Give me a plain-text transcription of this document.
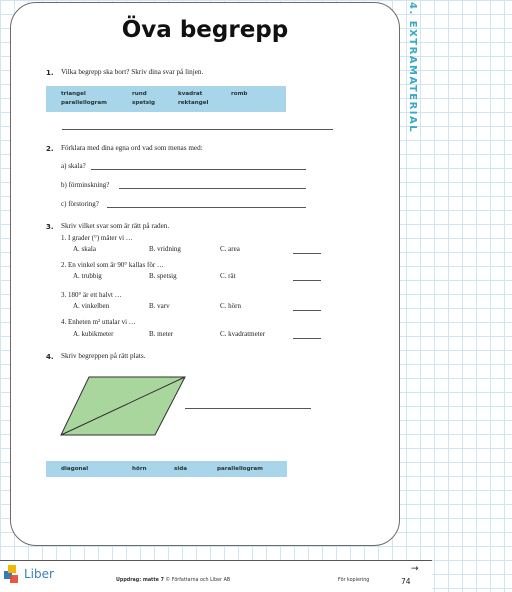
Öva begrepp
1. Vilka begrepp ska bort? Skriv dina svar på linjen.
triangel	rund	kvadrat	romb
parallellogram	spetsig	rektangel
2. Förklara med dina egna ord vad som menas med:
a) skala?
b) förminskning?
c) förstoring?
3. Skriv vilket svar som är rätt på raden.
1. I grader (°) mäter vi …
A. skala	B. vridning	C. area
2. En vinkel som är 90° kallas för …
A. trubbig	B. spetsig	C. rät
3. 180° är ett halvt …
A. vinkelben	B. varv	C. hörn
4. Enheten m² uttalar vi …
A. kubikmeter	B. meter	C. kvadratmeter
4. Skriv begreppen på rätt plats.
diagonal	hörn	sida	parallellogram
4. EXTRAMATERIAL
Liber	Uppdrag: matte 7 © Författarna och Liber AB	För kopiering	74
→
